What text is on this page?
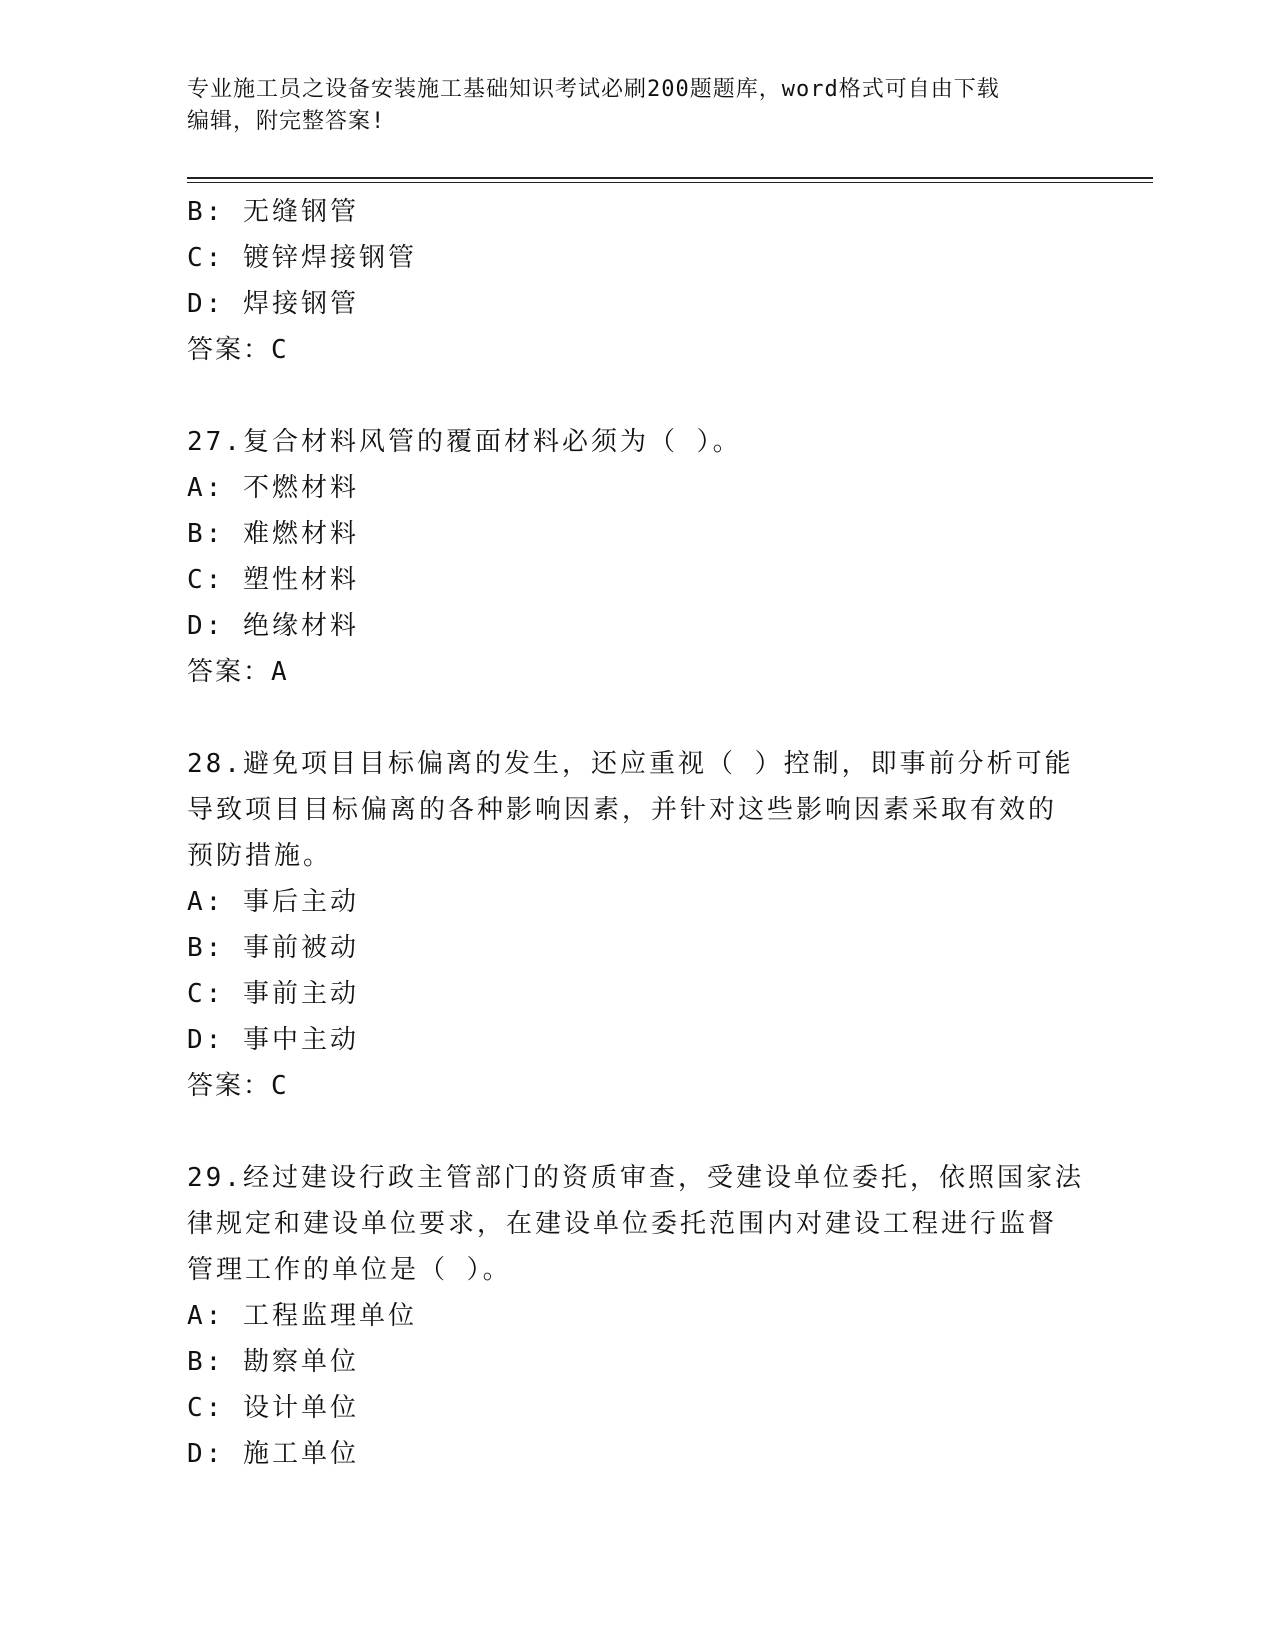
专业施工员之设备安装施工基础知识考试必刷200题题库，word格式可自由下载
编辑，附完整答案!
B: 无缝钢管
C: 镀锌焊接钢管
D: 焊接钢管
答案：C
27.复合材料风管的覆面材料必须为（ ）。
A: 不燃材料
B: 难燃材料
C: 塑性材料
D: 绝缘材料
答案：A
28.避免项目目标偏离的发生，还应重视（ ）控制，即事前分析可能
导致项目目标偏离的各种影响因素，并针对这些影响因素采取有效的
预防措施。
A: 事后主动
B: 事前被动
C: 事前主动
D: 事中主动
答案：C
29.经过建设行政主管部门的资质审查，受建设单位委托，依照国家法
律规定和建设单位要求，在建设单位委托范围内对建设工程进行监督
管理工作的单位是（ ）。
A: 工程监理单位
B: 勘察单位
C: 设计单位
D: 施工单位
